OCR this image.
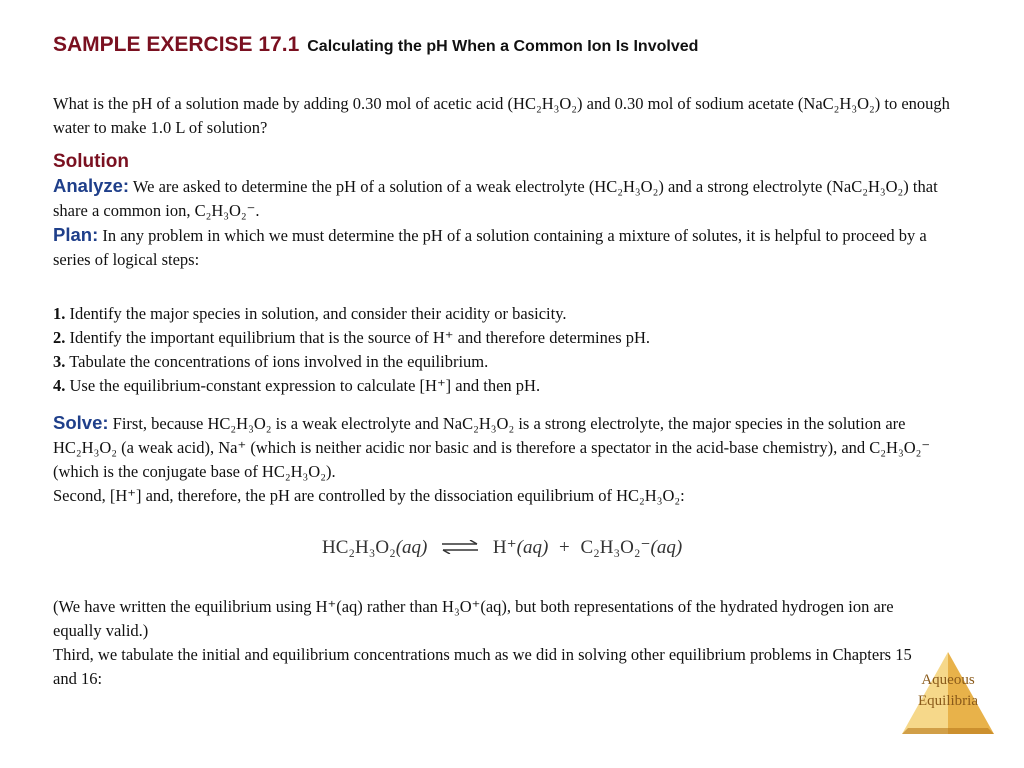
SAMPLE EXERCISE 17.1 Calculating the pH When a Common Ion Is Involved
What is the pH of a solution made by adding 0.30 mol of acetic acid (HC₂H₃O₂) and 0.30 mol of sodium acetate (NaC₂H₃O₂) to enough water to make 1.0 L of solution?
Solution
Analyze: We are asked to determine the pH of a solution of a weak electrolyte (HC₂H₃O₂) and a strong electrolyte (NaC₂H₃O₂) that share a common ion, C₂H₃O₂⁻.
Plan: In any problem in which we must determine the pH of a solution containing a mixture of solutes, it is helpful to proceed by a series of logical steps:
1. Identify the major species in solution, and consider their acidity or basicity.
2. Identify the important equilibrium that is the source of H⁺ and therefore determines pH.
3. Tabulate the concentrations of ions involved in the equilibrium.
4. Use the equilibrium-constant expression to calculate [H⁺] and then pH.
Solve: First, because HC₂H₃O₂ is a weak electrolyte and NaC₂H₃O₂ is a strong electrolyte, the major species in the solution are HC₂H₃O₂ (a weak acid), Na⁺ (which is neither acidic nor basic and is therefore a spectator in the acid-base chemistry), and C₂H₃O₂⁻ (which is the conjugate base of HC₂H₃O₂).
Second, [H⁺] and, therefore, the pH are controlled by the dissociation equilibrium of HC₂H₃O₂:
HC₂H₃O₂(aq) ⇌ H⁺(aq) + C₂H₃O₂⁻(aq)
(We have written the equilibrium using H⁺(aq) rather than H₃O⁺(aq), but both representations of the hydrated hydrogen ion are equally valid.)
Third, we tabulate the initial and equilibrium concentrations much as we did in solving other equilibrium problems in Chapters 15 and 16:	Aqueous
Equilibria
